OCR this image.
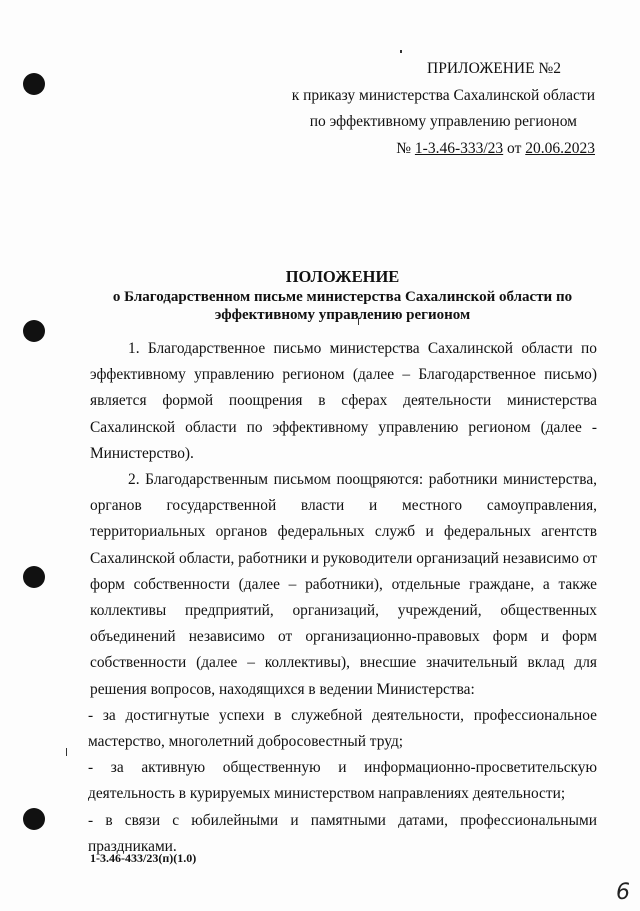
ПРИЛОЖЕНИЕ №2
к приказу министерства Сахалинской области
по эффективному управлению регионом
№ 1-3.46-333/23 от 20.06.2023
ПОЛОЖЕНИЕ
о Благодарственном письме министерства Сахалинской области по эффективному управлению регионом

1. Благодарственное письмо министерства Сахалинской области по эффективному управлению регионом (далее – Благодарственное письмо) является формой поощрения в сферах деятельности министерства Сахалинской области по эффективному управлению регионом (далее - Министерство).

2. Благодарственным письмом поощряются: работники министерства, органов государственной власти и местного самоуправления, территориальных органов федеральных служб и федеральных агентств Сахалинской области, работники и руководители организаций независимо от форм собственности (далее – работники), отдельные граждане, а также коллективы предприятий, организаций, учреждений, общественных объединений независимо от организационно-правовых форм и форм собственности (далее – коллективы), внесшие значительный вклад для решения вопросов, находящихся в ведении Министерства:

- за достигнутые успехи в служебной деятельности, профессиональное мастерство, многолетний добросовестный труд;

- за активную общественную и информационно-просветительскую деятельность в курируемых министерством направлениях деятельности;

- в связи с юбилейными и памятными датами, профессиональными праздниками.

1-3.46-433/23(п)(1.0)
6
